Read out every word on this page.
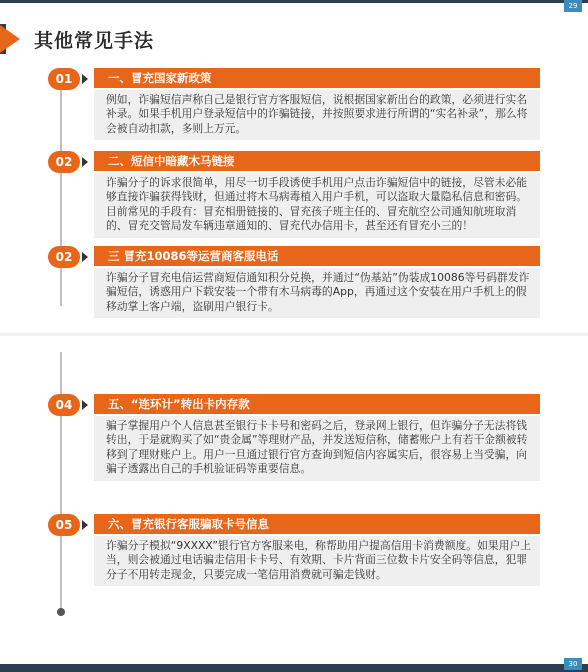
29
其他常见手法
01	一、冒充国家新政策
例如，诈骗短信声称自己是银行官方客服短信，说根据国家新出台的政策，必须进行实名补录。如果手机用户登录短信中的诈骗链接，并按照要求进行所谓的“实名补录”，那么将会被自动扣款，多则上万元。
02	二、短信中暗藏木马链接
诈骗分子的诉求很简单，用尽一切手段诱使手机用户点击诈骗短信中的链接，尽管未必能够直接诈骗获得钱财，但通过将木马病毒植入用户手机，可以盗取大量隐私信息和密码。目前常见的手段有：冒充相册链接的、冒充孩子班主任的、冒充航空公司通知航班取消的、冒充交管局发车辆违章通知的、冒充代办信用卡，甚至还有冒充小三的！
02	三 冒充10086等运营商客服电话
诈骗分子冒充电信运营商短信通知积分兑换，并通过“伪基站”伪装成10086等号码群发诈骗短信，诱惑用户下载安装一个带有木马病毒的App，再通过这个安装在用户手机上的假移动掌上客户端，盗刷用户银行卡。
04	五、“连环计”转出卡内存款
骗子掌握用户个人信息甚至银行卡卡号和密码之后，登录网上银行，但诈骗分子无法将钱转出，于是就购买了如“贵金属”等理财产品，并发送短信称，储蓄账户上有若干金额被转移到了理财账户上。用户一旦通过银行官方查询到短信内容属实后，很容易上当受骗，向骗子透露出自己的手机验证码等重要信息。
05	六、冒充银行客服骗取卡号信息
诈骗分子模拟“9XXXX”银行官方客服来电，称帮助用户提高信用卡消费额度。如果用户上当，则会被通过电话骗走信用卡卡号、有效期、卡片背面三位数卡片安全码等信息，犯罪分子不用转走现金，只要完成一笔信用消费就可骗走钱财。
30
